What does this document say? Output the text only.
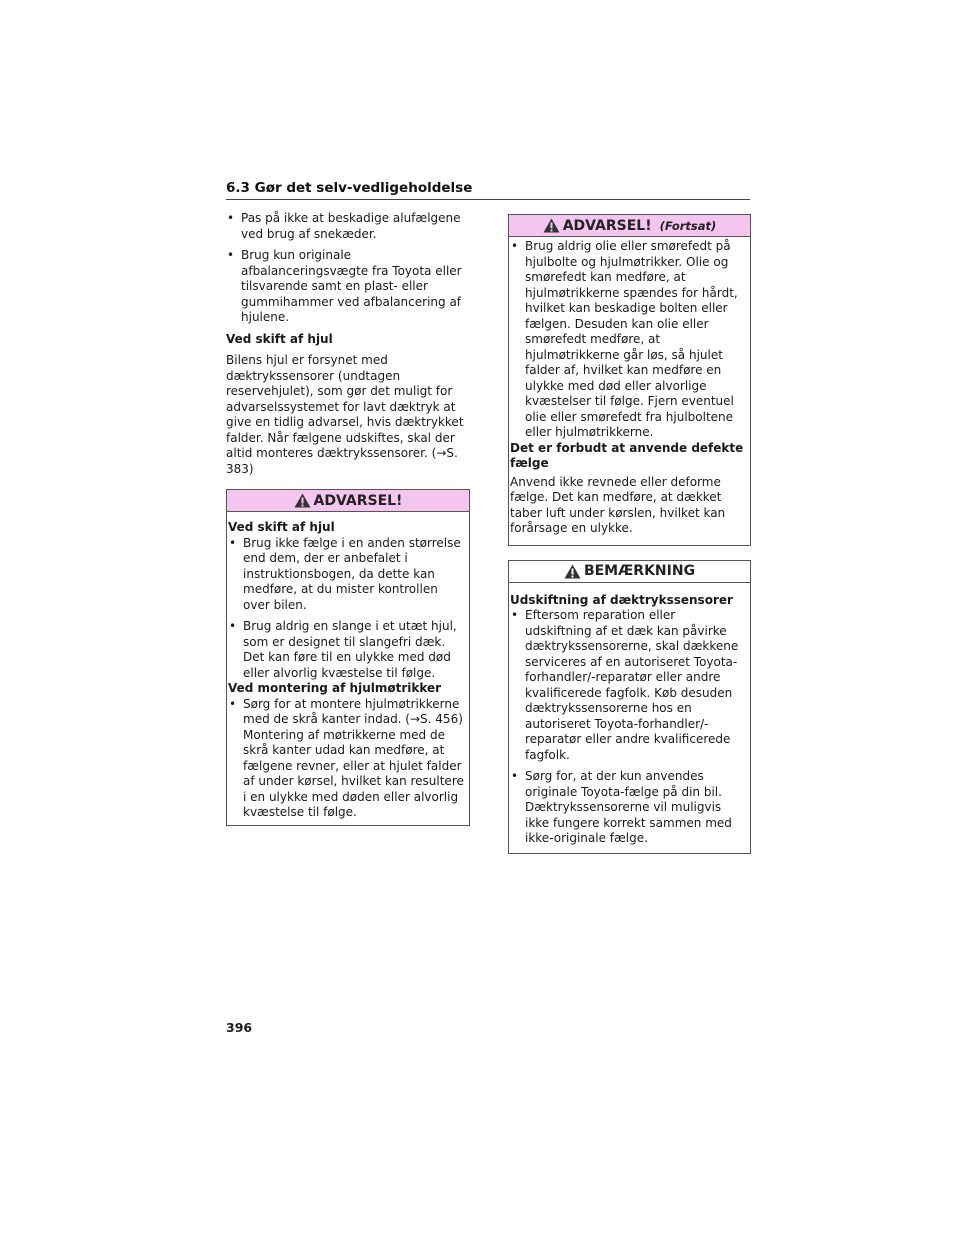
6.3 Gør det selv-vedligeholdelse
• Pas på ikke at beskadige alufælgene ved brug af snekæder.
• Brug kun originale afbalanceringsvægte fra Toyota eller tilsvarende samt en plast- eller gummihammer ved afbalancering af hjulene.
Ved skift af hjul

Bilens hjul er forsynet med dæktrykssensorer (undtagen reservehjulet), som gør det muligt for advarselssystemet for lavt dæktryk at give en tidlig advarsel, hvis dæktrykket falder. Når fælgene udskiftes, skal der altid monteres dæktrykssensorer. (→S. 383)

ADVARSEL!
Ved skift af hjul
• Brug ikke fælge i en anden størrelse end dem, der er anbefalet i instruktionsbogen, da dette kan medføre, at du mister kontrollen over bilen.
• Brug aldrig en slange i et utæt hjul, som er designet til slangefri dæk. Det kan føre til en ulykke med død eller alvorlig kvæstelse til følge.
Ved montering af hjulmøtrikker
• Sørg for at montere hjulmøtrikkerne med de skrå kanter indad. (→S. 456) Montering af møtrikkerne med de skrå kanter udad kan medføre, at fælgene revner, eller at hjulet falder af under kørsel, hvilket kan resultere i en ulykke med døden eller alvorlig kvæstelse til følge.
ADVARSEL! (Fortsat)
• Brug aldrig olie eller smørefedt på hjulbolte og hjulmøtrikker. Olie og smørefedt kan medføre, at hjulmøtrikkerne spændes for hårdt, hvilket kan beskadige bolten eller fælgen. Desuden kan olie eller smørefedt medføre, at hjulmøtrikkerne går løs, så hjulet falder af, hvilket kan medføre en ulykke med død eller alvorlige kvæstelser til følge. Fjern eventuel olie eller smørefedt fra hjulboltene eller hjulmøtrikkerne.
Det er forbudt at anvende defekte fælge

Anvend ikke revnede eller deforme fælge. Det kan medføre, at dækket taber luft under kørslen, hvilket kan forårsage en ulykke.

BEMÆRKNING
Udskiftning af dæktrykssensorer
• Eftersom reparation eller udskiftning af et dæk kan påvirke dæktrykssensorerne, skal dækkene serviceres af en autoriseret Toyota-forhandler/-reparatør eller andre kvalificerede fagfolk. Køb desuden dæktrykssensorerne hos en autoriseret Toyota-forhandler/-reparatør eller andre kvalificerede fagfolk.
• Sørg for, at der kun anvendes originale Toyota-fælge på din bil. Dæktrykssensorerne vil muligvis ikke fungere korrekt sammen med ikke-originale fælge.
396
